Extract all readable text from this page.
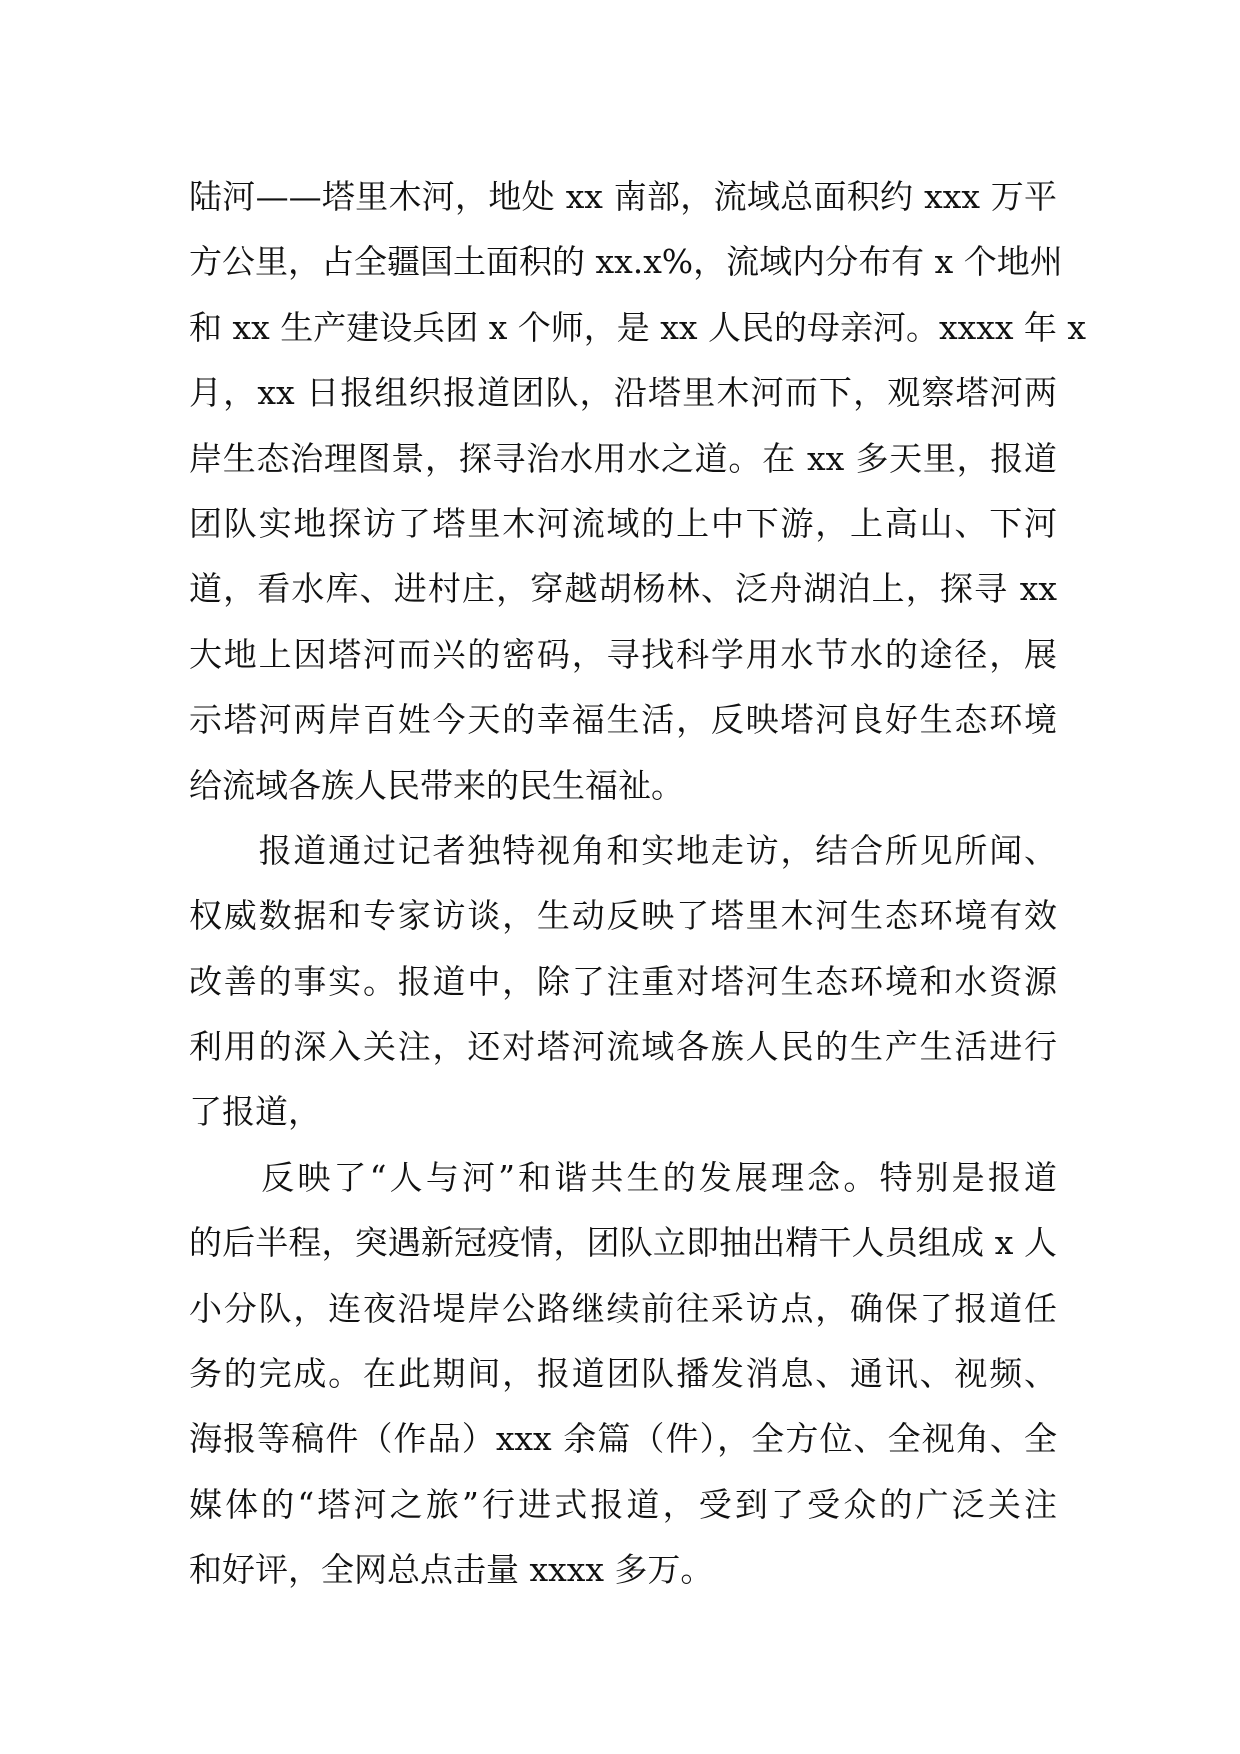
陆河——塔里木河，地处 xx 南部，流域总面积约 xxx 万平
方公里，占全疆国土面积的 xx.x%，流域内分布有 x 个地州
和 xx 生产建设兵团 x 个师，是 xx 人民的母亲河。xxxx 年 x
月，xx 日报组织报道团队，沿塔里木河而下，观察塔河两
岸生态治理图景，探寻治水用水之道。在 xx 多天里，报道
团队实地探访了塔里木河流域的上中下游，上高山、下河
道，看水库、进村庄，穿越胡杨林、泛舟湖泊上，探寻 xx
大地上因塔河而兴的密码，寻找科学用水节水的途径，展
示塔河两岸百姓今天的幸福生活，反映塔河良好生态环境
给流域各族人民带来的民生福祉。
　　报道通过记者独特视角和实地走访，结合所见所闻、
权威数据和专家访谈，生动反映了塔里木河生态环境有效
改善的事实。报道中，除了注重对塔河生态环境和水资源
利用的深入关注，还对塔河流域各族人民的生产生活进行
了报道，
　　反映了“人与河”和谐共生的发展理念。特别是报道
的后半程，突遇新冠疫情，团队立即抽出精干人员组成 x 人
小分队，连夜沿堤岸公路继续前往采访点，确保了报道任
务的完成。在此期间，报道团队播发消息、通讯、视频、
海报等稿件（作品）xxx 余篇（件），全方位、全视角、全
媒体的“塔河之旅”行进式报道，受到了受众的广泛关注
和好评，全网总点击量 xxxx 多万。
